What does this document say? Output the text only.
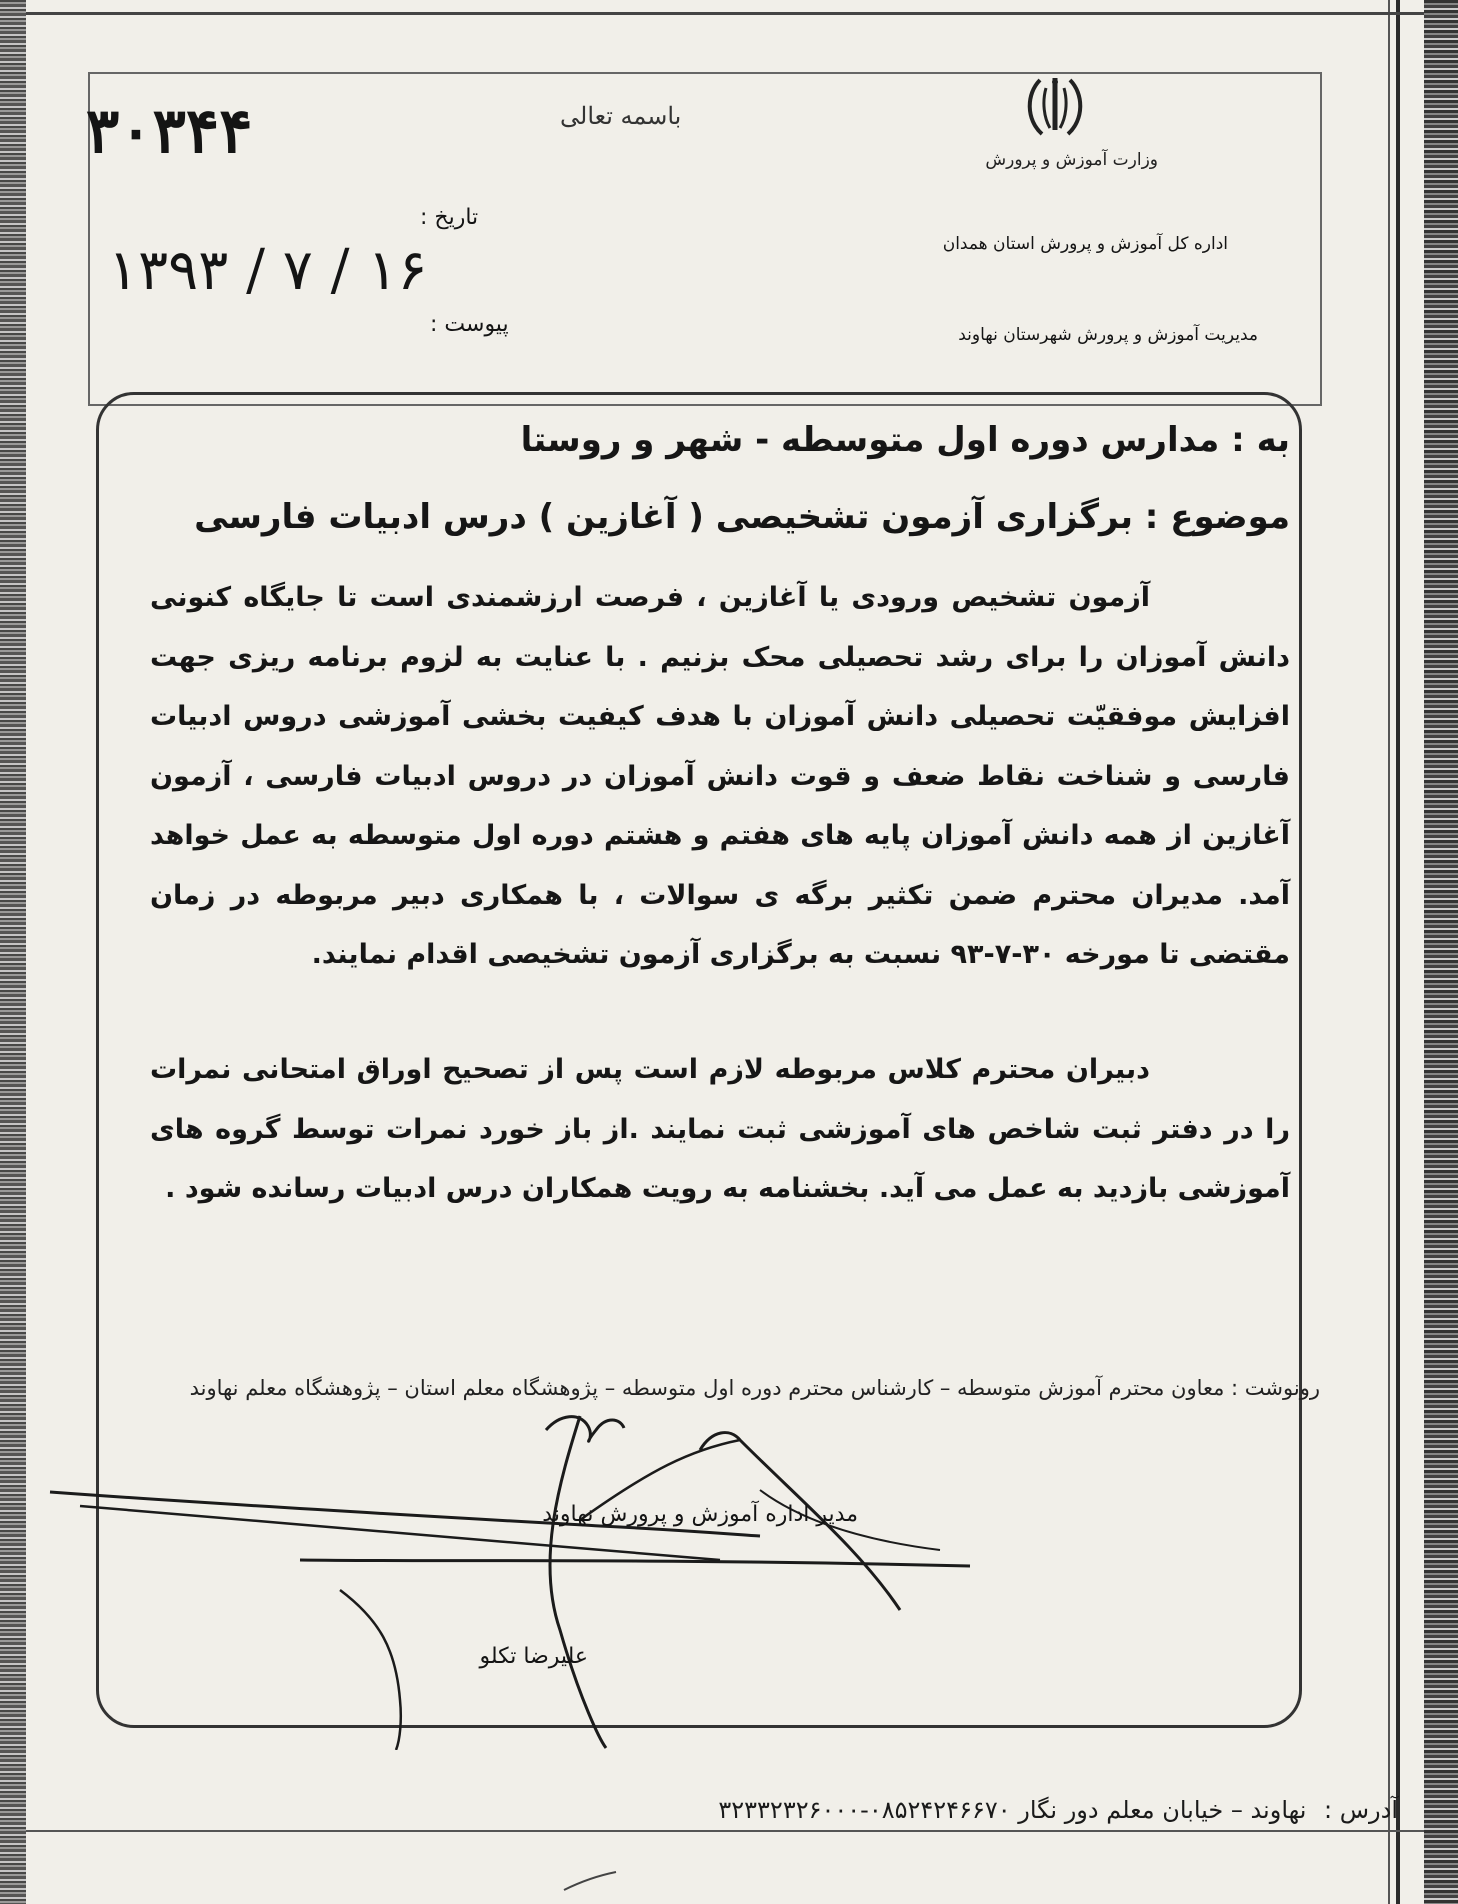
باسمه تعالی
۳۰۳۴۴	وزارت آموزش و پرورش
تاریخ :
۱۳۹۳ / ۷ / ۱۶	اداره کل آموزش و پرورش استان همدان
پیوست :	مدیریت آموزش و پرورش شهرستان نهاوند
به : مدارس دوره اول متوسطه - شهر و روستا
موضوع : برگزاری آزمون تشخیصی ( آغازین ) درس ادبیات فارسی
آزمون تشخیص ورودی یا آغازین ، فرصت ارزشمندی است تا جایگاه کنونی دانش آموزان را برای رشد تحصیلی محک بزنیم . با عنایت به لزوم برنامه ریزی جهت افزایش موفقیّت تحصیلی دانش آموزان با هدف کیفیت بخشی آموزشی دروس ادبیات فارسی و شناخت نقاط ضعف و قوت دانش آموزان در دروس ادبیات فارسی ، آزمون آغازین از همه دانش آموزان پایه های هفتم و هشتم دوره اول متوسطه به عمل خواهد آمد. مدیران محترم ضمن تکثیر برگه ی سوالات ، با همکاری دبیر مربوطه در زمان مقتضی تا مورخه ۳۰-۷-۹۳ نسبت به برگزاری آزمون تشخیصی اقدام نمایند.
دبیران محترم کلاس مربوطه لازم است پس از تصحیح اوراق امتحانی نمرات را در دفتر ثبت شاخص های آموزشی ثبت نمایند .از باز خورد نمرات توسط گروه های آموزشی بازدید به عمل می آید. بخشنامه به رویت همکاران درس ادبیات رسانده شود .
رونوشت : معاون محترم آموزش متوسطه – کارشناس محترم دوره اول متوسطه – پژوهشگاه معلم استان – پژوهشگاه معلم نهاوند
مدیر اداره آموزش و پرورش نهاوند
علیرضا تکلو
آدرس : نهاوند – خیابان معلم دور نگار ۰۸۵۲۴۲۴۶۶۷۰-۳۲۳۳۲۳۲۶۰۰۰
